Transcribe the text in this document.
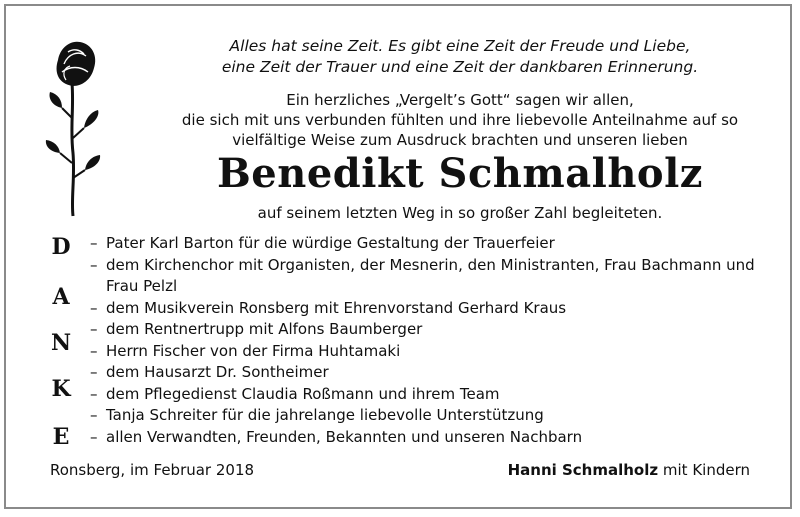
Alles hat seine Zeit. Es gibt eine Zeit der Freude und Liebe,
eine Zeit der Trauer und eine Zeit der dankbaren Erinnerung.
Ein herzliches „Vergelt’s Gott“ sagen wir allen,
die sich mit uns verbunden fühlten und ihre liebevolle Anteilnahme auf so
vielfältige Weise zum Ausdruck brachten und unseren lieben
Benedikt Schmalholz
auf seinem letzten Weg in so großer Zahl begleiteten.
D
A
N
K
E
– Pater Karl Barton für die würdige Gestaltung der Trauerfeier
– dem Kirchenchor mit Organisten, der Mesnerin, den Ministranten, Frau Bachmann und Frau Pelzl
– dem Musikverein Ronsberg mit Ehrenvorstand Gerhard Kraus
– dem Rentnertrupp mit Alfons Baumberger
– Herrn Fischer von der Firma Huhtamaki
– dem Hausarzt Dr. Sontheimer
– dem Pflegedienst Claudia Roßmann und ihrem Team
– Tanja Schreiter für die jahrelange liebevolle Unterstützung
– allen Verwandten, Freunden, Bekannten und unseren Nachbarn
Ronsberg, im Februar 2018	Hanni Schmalholz mit Kindern
